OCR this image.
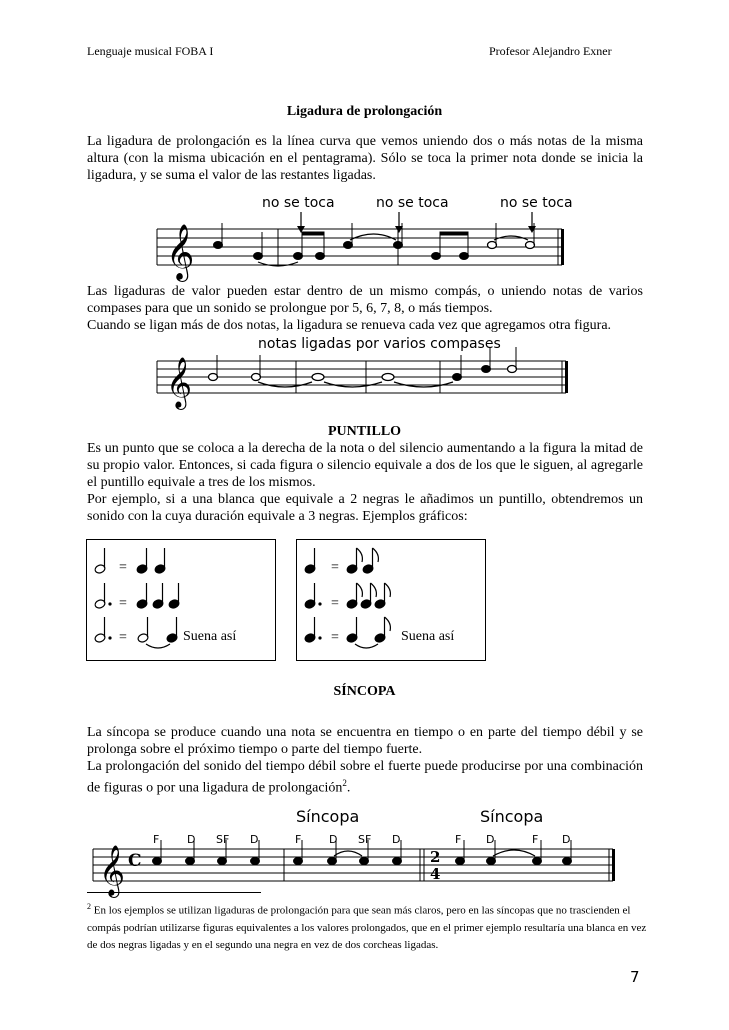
Lenguaje musical FOBA I	Profesor Alejandro Exner
Ligadura de prolongación
La ligadura de prolongación es la línea curva que vemos uniendo dos o más notas de la misma altura (con la misma ubicación en el pentagrama). Sólo se toca la primer nota donde se inicia la ligadura, y se suma el valor de las restantes ligadas.
no se toca	no se toca	no se toca
𝄞
Las ligaduras de valor pueden estar dentro de un mismo compás, o uniendo notas de varios compases para que un sonido se prolongue por 5, 6, 7, 8, o más tiempos.
Cuando se ligan más de dos notas, la ligadura se renueva cada vez que agregamos otra figura.
notas ligadas por varios compases
𝄞
PUNTILLO
Es un punto que se coloca a la derecha de la nota o del silencio aumentando a la figura la mitad de su propio valor. Entonces, si cada figura o silencio equivale a dos de los que le siguen, al agregarle el puntillo equivale a tres de los mismos.
Por ejemplo, si a una blanca que equivale a 2 negras le añadimos un puntillo, obtendremos un sonido con la cuya duración equivale a 3 negras. Ejemplos gráficos:
=
=
=
=
=
=
Suena así	Suena así
SÍNCOPA
La síncopa se produce cuando una nota se encuentra en tiempo o en parte del tiempo débil y se prolonga sobre el próximo tiempo o parte del tiempo fuerte.
La prolongación del sonido del tiempo débil sobre el fuerte puede producirse por una combinación de figuras o por una ligadura de prolongación$^2$.
Síncopa	Síncopa
F	D SF D	F	D SF D	F D	F D
𝄞 C	2
4
$^2$ En los ejemplos se utilizan ligaduras de prolongación para que sean más claros, pero en las síncopas que no trascienden el compás podrían utilizarse figuras equivalentes a los valores prolongados, que en el primer ejemplo resultaría una blanca en vez de dos negras ligadas y en el segundo una negra en vez de dos corcheas ligadas.
7
